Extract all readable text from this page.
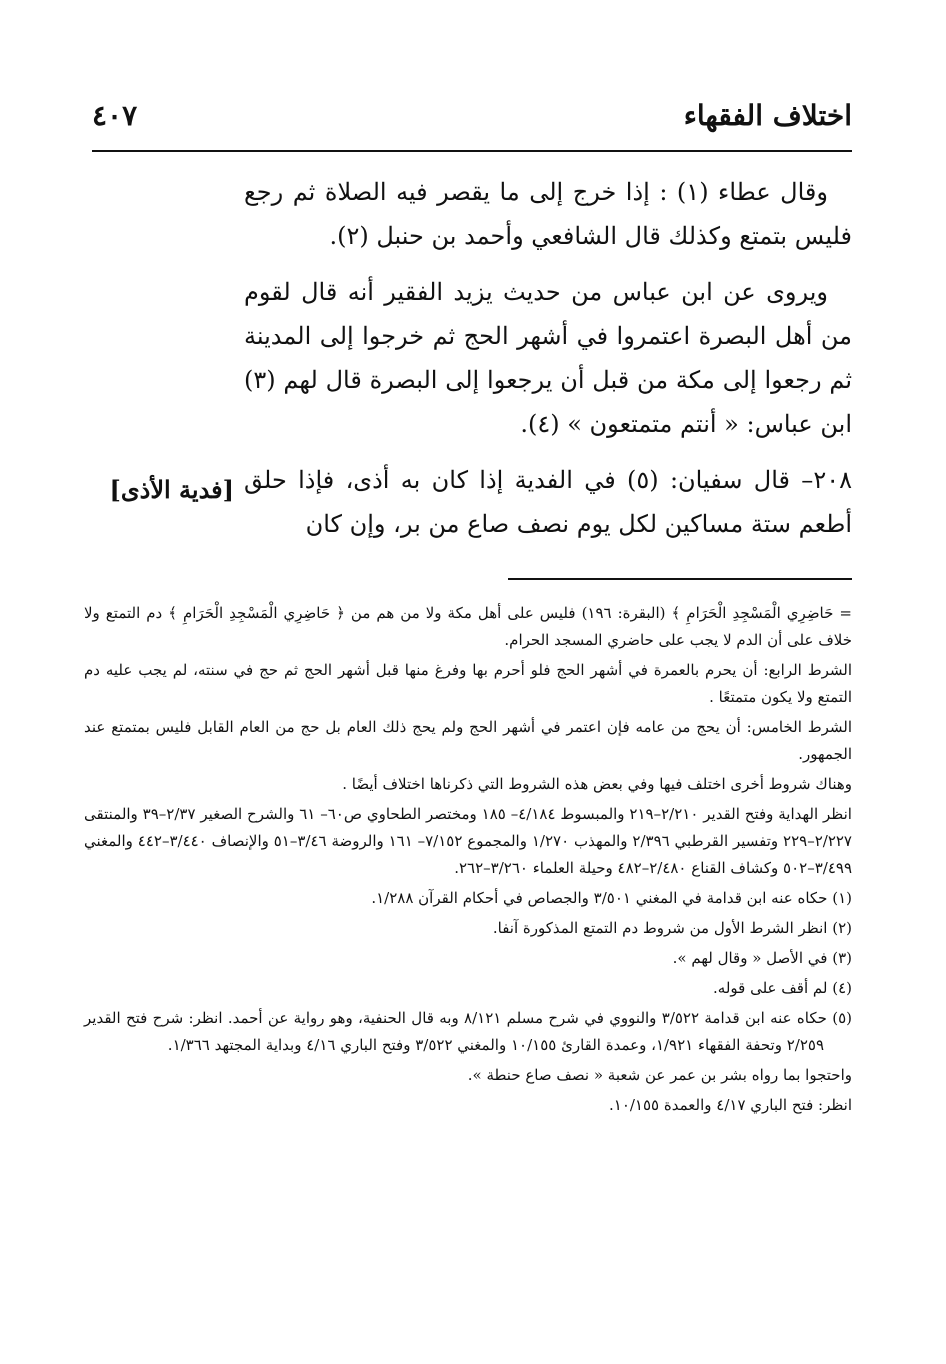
اختلاف الفقهاء
٤٠٧

وقال عطاء (١) : إذا خرج إلى ما يقصر فيه الصلاة ثم رجع فليس بتمتع وكذلك قال الشافعي وأحمد بن حنبل (٢).

ويروى عن ابن عباس من حديث يزيد الفقير أنه قال لقوم من أهل البصرة اعتمروا في أشهر الحج ثم خرجوا إلى المدينة ثم رجعوا إلى مكة من قبل أن يرجعوا إلى البصرة قال لهم (٣) ابن عباس: « أنتم متمتعون » (٤).

٢٠٨– قال سفيان: (٥) في الفدية إذا كان به أذى، فإذا حلق أطعم ستة مساكين لكل يوم نصف صاع من بر، وإن كان

[فدية الأذى]

= حَاضِرِي الْمَسْجِدِ الْحَرَامِ ﴾ (البقرة: ١٩٦) فليس على أهل مكة ولا من هم من ﴿ حَاضِرِي الْمَسْجِدِ الْحَرَامِ ﴾ دم التمتع ولا خلاف على أن الدم لا يجب على حاضري المسجد الحرام.

الشرط الرابع: أن يحرم بالعمرة في أشهر الحج فلو أحرم بها وفرغ منها قبل أشهر الحج ثم حج في سنته، لم يجب عليه دم التمتع ولا يكون متمتعًا .

الشرط الخامس: أن يحج من عامه فإن اعتمر في أشهر الحج ولم يحج ذلك العام بل حج من العام القابل فليس بمتمتع عند الجمهور.

وهناك شروط أخرى اختلف فيها وفي بعض هذه الشروط التي ذكرناها اختلاف أيضًا .

انظر الهداية وفتح القدير ٢/٢١٠–٢١٩ والمبسوط ٤/١٨٤– ١٨٥ ومختصر الطحاوي ص٦٠– ٦١ والشرح الصغير ٢/٣٧–٣٩ والمنتقى ٢/٢٢٧–٢٢٩ وتفسير القرطبي ٢/٣٩٦ والمهذب ١/٢٧٠ والمجموع ٧/١٥٢– ١٦١ والروضة ٣/٤٦–٥١ والإنصاف ٣/٤٤٠–٤٤٢ والمغني ٣/٤٩٩–٥٠٢ وكشاف القناع ٢/٤٨٠–٤٨٢ وحيلة العلماء ٣/٢٦٠–٢٦٢.

(١) حكاه عنه ابن قدامة في المغني ٣/٥٠١ والجصاص في أحكام القرآن ١/٢٨٨.

(٢) انظر الشرط الأول من شروط دم التمتع المذكورة آنفا.

(٣) في الأصل « وقال لهم ».

(٤) لم أقف على قوله.

(٥) حكاه عنه ابن قدامة ٣/٥٢٢ والنووي في شرح مسلم ٨/١٢١ وبه قال الحنفية، وهو رواية عن أحمد. انظر: شرح فتح القدير ٢/٢٥٩ وتحفة الفقهاء ١/٩٢١، وعمدة القارئ ١٠/١٥٥ والمغني ٣/٥٢٢ وفتح الباري ٤/١٦ وبداية المجتهد ١/٣٦٦.

واحتجوا بما رواه بشر بن عمر عن شعبة « نصف صاع حنطة ».

انظر: فتح الباري ٤/١٧ والعمدة ١٠/١٥٥.
